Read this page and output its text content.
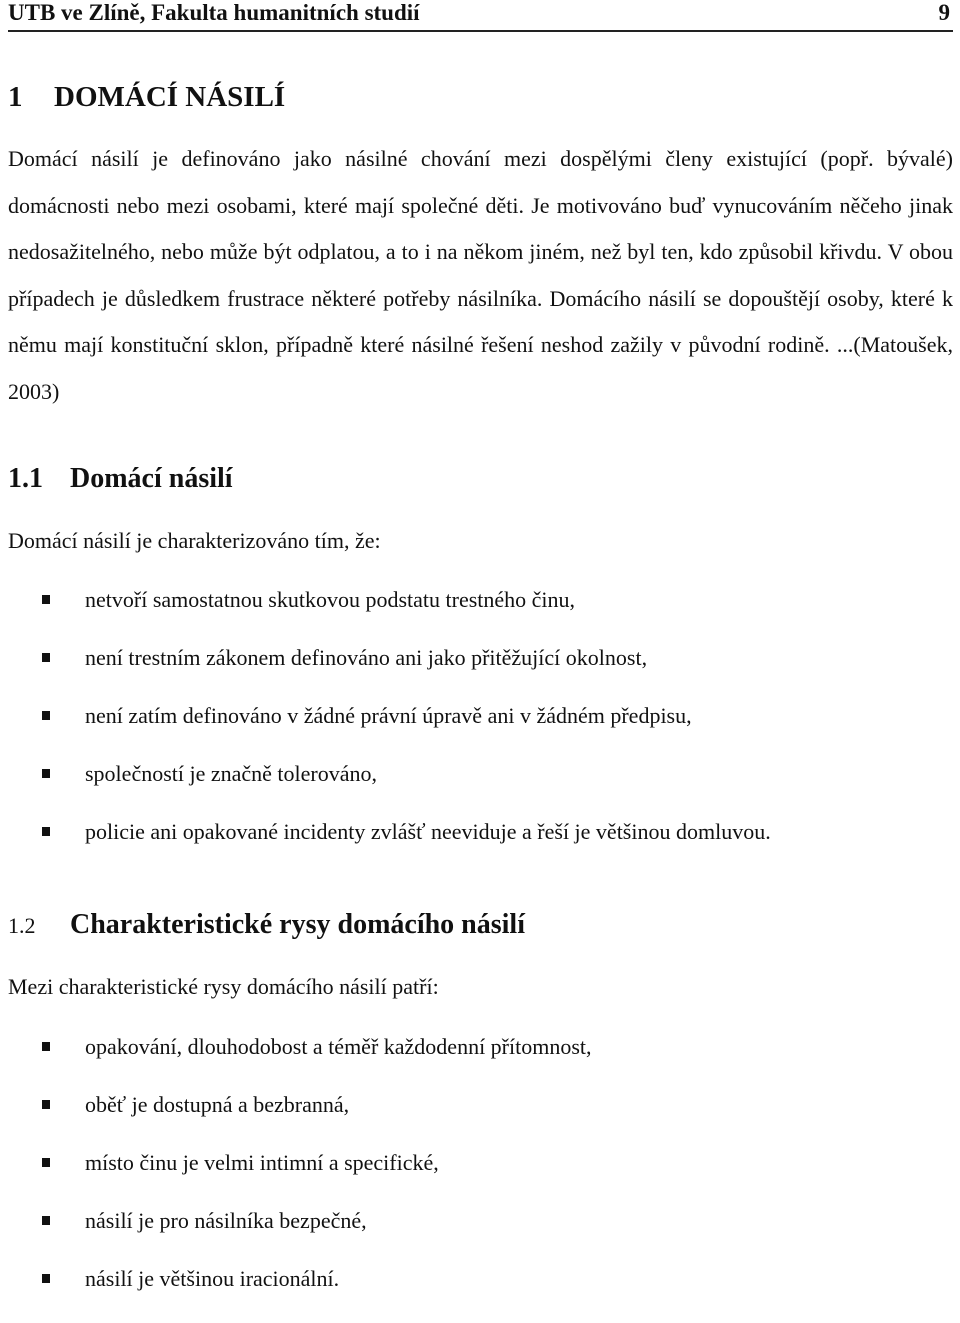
UTB ve Zlíně, Fakulta humanitních studií	9
1 DOMÁCÍ NÁSILÍ

Domácí násilí je definováno jako násilné chování mezi dospělými členy existující (popř. bývalé) domácnosti nebo mezi osobami, které mají společné děti. Je motivováno buď vynucováním něčeho jinak nedosažitelného, nebo může být odplatou, a to i na někom jiném, než byl ten, kdo způsobil křivdu. V obou případech je důsledkem frustrace některé potřeby násilníka. Domácího násilí se dopouštějí osoby, které k němu mají konstituční sklon, případně které násilné řešení neshod zažily v původní rodině. ...(Matoušek, 2003)

1.1 Domácí násilí
Domácí násilí je charakterizováno tím, že:
netvoří samostatnou skutkovou podstatu trestného činu,
není trestním zákonem definováno ani jako přitěžující okolnost,
není zatím definováno v žádné právní úpravě ani v žádném předpisu,
společností je značně tolerováno,
policie ani opakované incidenty zvlášť neeviduje a řeší je většinou domluvou.
1.2 Charakteristické rysy domácího násilí
Mezi charakteristické rysy domácího násilí patří:
opakování, dlouhodobost a téměř každodenní přítomnost,
oběť je dostupná a bezbranná,
místo činu je velmi intimní a specifické,
násilí je pro násilníka bezpečné,
násilí je většinou iracionální.
